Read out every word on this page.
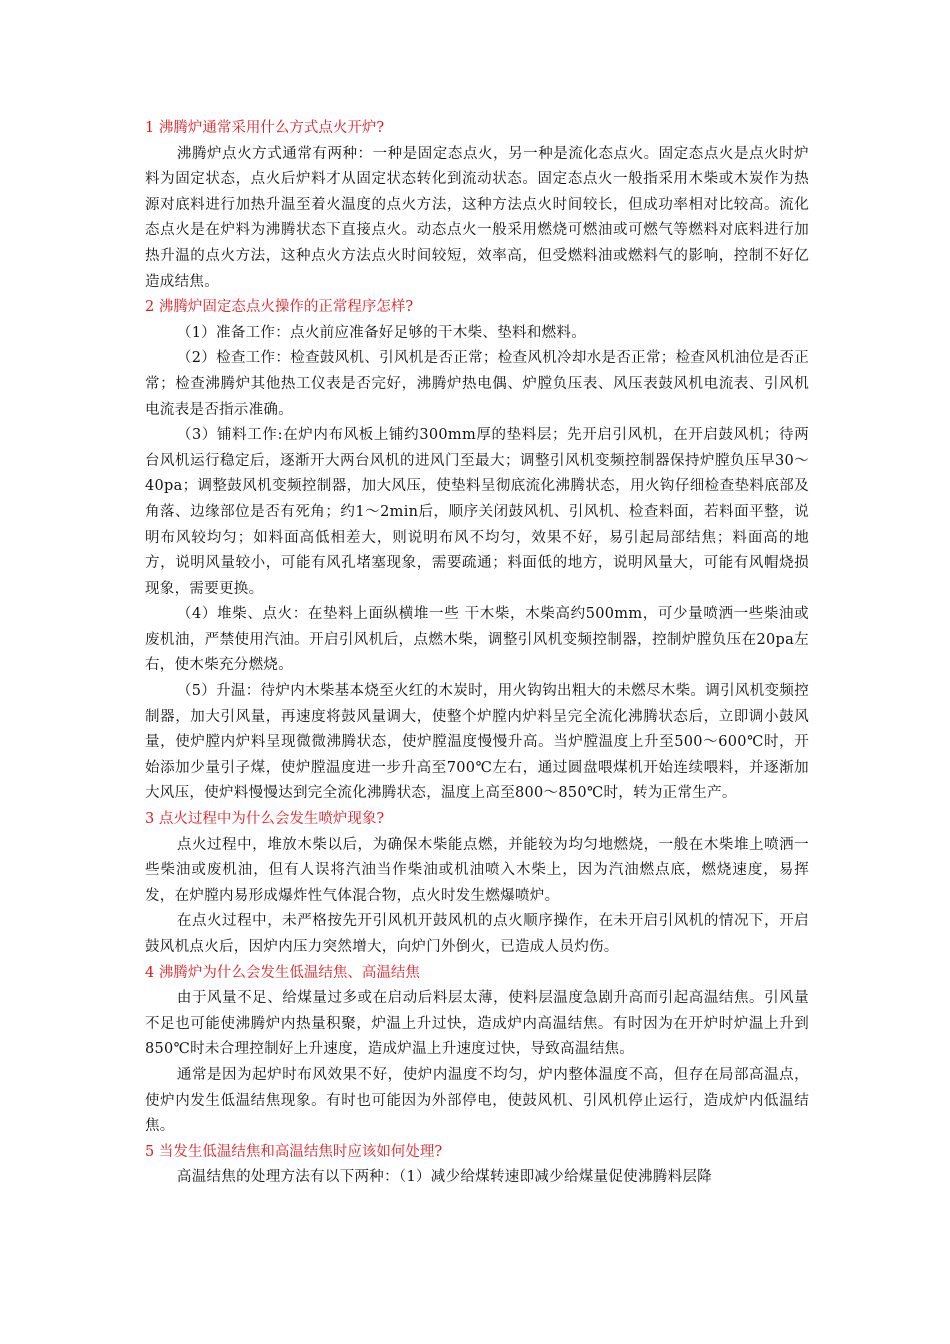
1 沸腾炉通常采用什么方式点火开炉?

沸腾炉点火方式通常有两种：一种是固定态点火，另一种是流化态点火。固定态点火是点火时炉料为固定状态，点火后炉料才从固定状态转化到流动状态。固定态点火一般指采用木柴或木炭作为热源对底料进行加热升温至着火温度的点火方法，这种方法点火时间较长，但成功率相对比较高。流化态点火是在炉料为沸腾状态下直接点火。动态点火一般采用燃烧可燃油或可燃气等燃料对底料进行加热升温的点火方法，这种点火方法点火时间较短，效率高，但受燃料油或燃料气的影响，控制不好亿造成结焦。

2 沸腾炉固定态点火操作的正常程序怎样?

（1）准备工作：点火前应准备好足够的干木柴、垫料和燃料。

（2）检查工作：检查鼓风机、引风机是否正常；检查风机冷却水是否正常；检查风机油位是否正常；检查沸腾炉其他热工仪表是否完好，沸腾炉热电偶、炉膛负压表、风压表鼓风机电流表、引风机电流表是否指示准确。

（3）铺料工作:在炉内布风板上铺约300mm厚的垫料层；先开启引风机，在开启鼓风机；待两台风机运行稳定后，逐渐开大两台风机的进风门至最大；调整引风机变频控制器保持炉膛负压早30～40pa；调整鼓风机变频控制器，加大风压，使垫料呈彻底流化沸腾状态，用火钩仔细检查垫料底部及角落、边缘部位是否有死角；约1～2min后，顺序关闭鼓风机、引风机、检查料面，若料面平整，说明布风较均匀；如料面高低相差大，则说明布风不均匀，效果不好，易引起局部结焦；料面高的地方，说明风量较小，可能有风孔堵塞现象，需要疏通；料面低的地方，说明风量大，可能有风帽烧损现象，需要更换。

（4）堆柴、点火：在垫料上面纵横堆一些 干木柴，木柴高约500mm，可少量喷洒一些柴油或废机油，严禁使用汽油。开启引风机后，点燃木柴，调整引风机变频控制器，控制炉膛负压在20pa左右，使木柴充分燃烧。

（5）升温：待炉内木柴基本烧至火红的木炭时，用火钩钩出粗大的未燃尽木柴。调引风机变频控制器，加大引风量，再速度将鼓风量调大，使整个炉膛内炉料呈完全流化沸腾状态后，立即调小鼓风量，使炉膛内炉料呈现微微沸腾状态，使炉膛温度慢慢升高。当炉膛温度上升至500～600℃时，开始添加少量引子煤，使炉膛温度进一步升高至700℃左右，通过圆盘喂煤机开始连续喂料，并逐渐加大风压，使炉料慢慢达到完全流化沸腾状态，温度上高至800～850℃时，转为正常生产。

3 点火过程中为什么会发生喷炉现象?

点火过程中，堆放木柴以后，为确保木柴能点燃，并能较为均匀地燃烧，一般在木柴堆上喷洒一些柴油或废机油，但有人误将汽油当作柴油或机油喷入木柴上，因为汽油燃点底，燃烧速度，易挥发，在炉膛内易形成爆炸性气体混合物，点火时发生燃爆喷炉。

在点火过程中，未严格按先开引风机开鼓风机的点火顺序操作，在未开启引风机的情况下，开启鼓风机点火后，因炉内压力突然增大，向炉门外倒火，已造成人员灼伤。

4 沸腾炉为什么会发生低温结焦、高温结焦

由于风量不足、给煤量过多或在启动后料层太薄，使料层温度急剧升高而引起高温结焦。引风量不足也可能使沸腾炉内热量积聚，炉温上升过快，造成炉内高温结焦。有时因为在开炉时炉温上升到850℃时未合理控制好上升速度，造成炉温上升速度过快，导致高温结焦。

通常是因为起炉时布风效果不好，使炉内温度不均匀，炉内整体温度不高，但存在局部高温点，使炉内发生低温结焦现象。有时也可能因为外部停电，使鼓风机、引风机停止运行，造成炉内低温结焦。

5 当发生低温结焦和高温结焦时应该如何处理?

高温结焦的处理方法有以下两种：（1）减少给煤转速即减少给煤量促使沸腾料层降
